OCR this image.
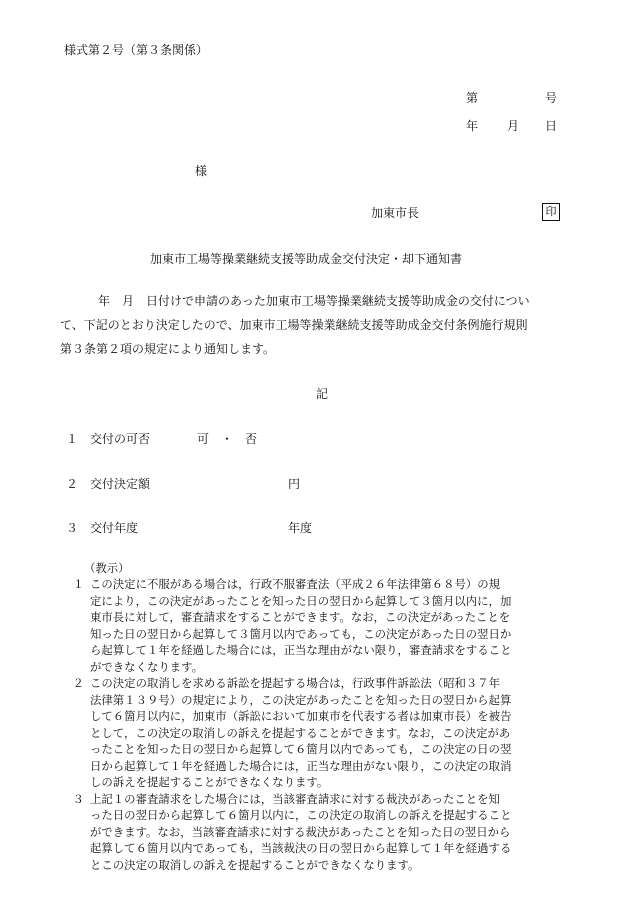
様式第２号（第３条関係）
第	号
年 月 日
様
加東市長	印
加東市工場等操業継続支援等助成金交付決定・却下通知書
年　月　日付けで申請のあった加東市工場等操業継続支援等助成金の交付につい
て、下記のとおり決定したので、加東市工場等操業継続支援等助成金交付条例施行規則
第３条第２項の規定により通知します。
記
１ 交付の可否	可　・　否
２ 交付決定額	円
３ 交付年度	年度
（教示）
１ この決定に不服がある場合は，行政不服審査法（平成２６年法律第６８号）の規
定により，この決定があったことを知った日の翌日から起算して３箇月以内に，加
東市長に対して，審査請求をすることができます。なお，この決定があったことを
知った日の翌日から起算して３箇月以内であっても，この決定があった日の翌日か
ら起算して１年を経過した場合には，正当な理由がない限り，審査請求をすること
ができなくなります。
２ この決定の取消しを求める訴訟を提起する場合は，行政事件訴訟法（昭和３７年
法律第１３９号）の規定により，この決定があったことを知った日の翌日から起算
して６箇月以内に，加東市（訴訟において加東市を代表する者は加東市長）を被告
として，この決定の取消しの訴えを提起することができます。なお，この決定があ
ったことを知った日の翌日から起算して６箇月以内であっても，この決定の日の翌
日から起算して１年を経過した場合には，正当な理由がない限り，この決定の取消
しの訴えを提起することができなくなります。
３ 上記１の審査請求をした場合には，当該審査請求に対する裁決があったことを知
った日の翌日から起算して６箇月以内に，この決定の取消しの訴えを提起すること
ができます。なお，当該審査請求に対する裁決があったことを知った日の翌日から
起算して６箇月以内であっても，当該裁決の日の翌日から起算して１年を経過する
とこの決定の取消しの訴えを提起することができなくなります。
